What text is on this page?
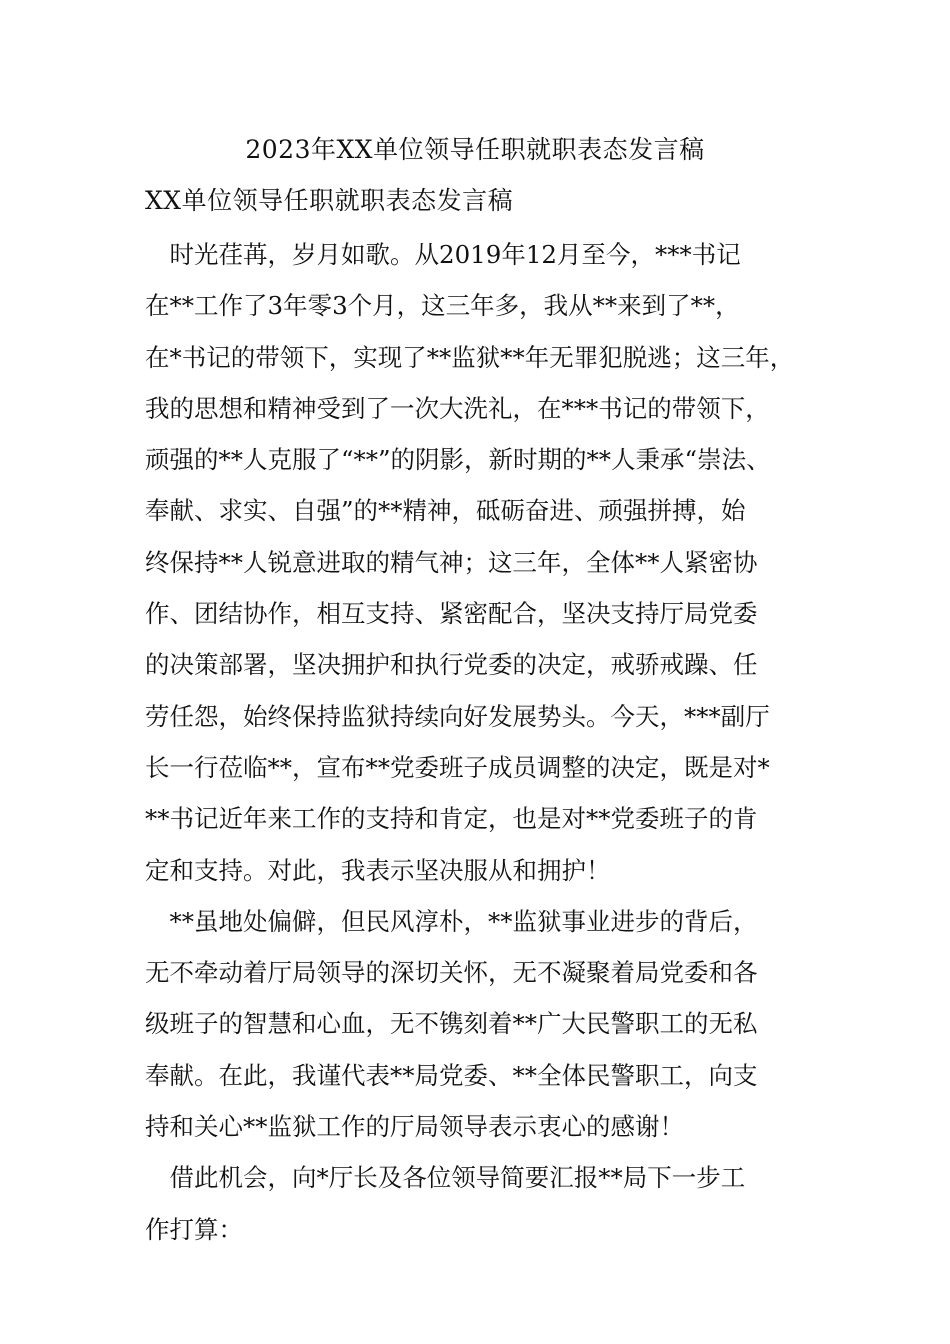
2023年XX单位领导任职就职表态发言稿
XX单位领导任职就职表态发言稿
　时光荏苒，岁月如歌。从2019年12月至今，***书记
在**工作了3年零3个月，这三年多，我从**来到了**，
在*书记的带领下，实现了**监狱**年无罪犯脱逃；这三年，
我的思想和精神受到了一次大洗礼，在***书记的带领下，
顽强的**人克服了“**”的阴影，新时期的**人秉承“崇法、
奉献、求实、自强”的**精神，砥砺奋进、顽强拼搏，始
终保持**人锐意进取的精气神；这三年，全体**人紧密协
作、团结协作，相互支持、紧密配合，坚决支持厅局党委
的决策部署，坚决拥护和执行党委的决定，戒骄戒躁、任
劳任怨，始终保持监狱持续向好发展势头。今天，***副厅
长一行莅临**，宣布**党委班子成员调整的决定，既是对*
**书记近年来工作的支持和肯定，也是对**党委班子的肯
定和支持。对此，我表示坚决服从和拥护！
　**虽地处偏僻，但民风淳朴，**监狱事业进步的背后，
无不牵动着厅局领导的深切关怀，无不凝聚着局党委和各
级班子的智慧和心血，无不镌刻着**广大民警职工的无私
奉献。在此，我谨代表**局党委、**全体民警职工，向支
持和关心**监狱工作的厅局领导表示衷心的感谢！
　借此机会，向*厅长及各位领导简要汇报**局下一步工
作打算：
